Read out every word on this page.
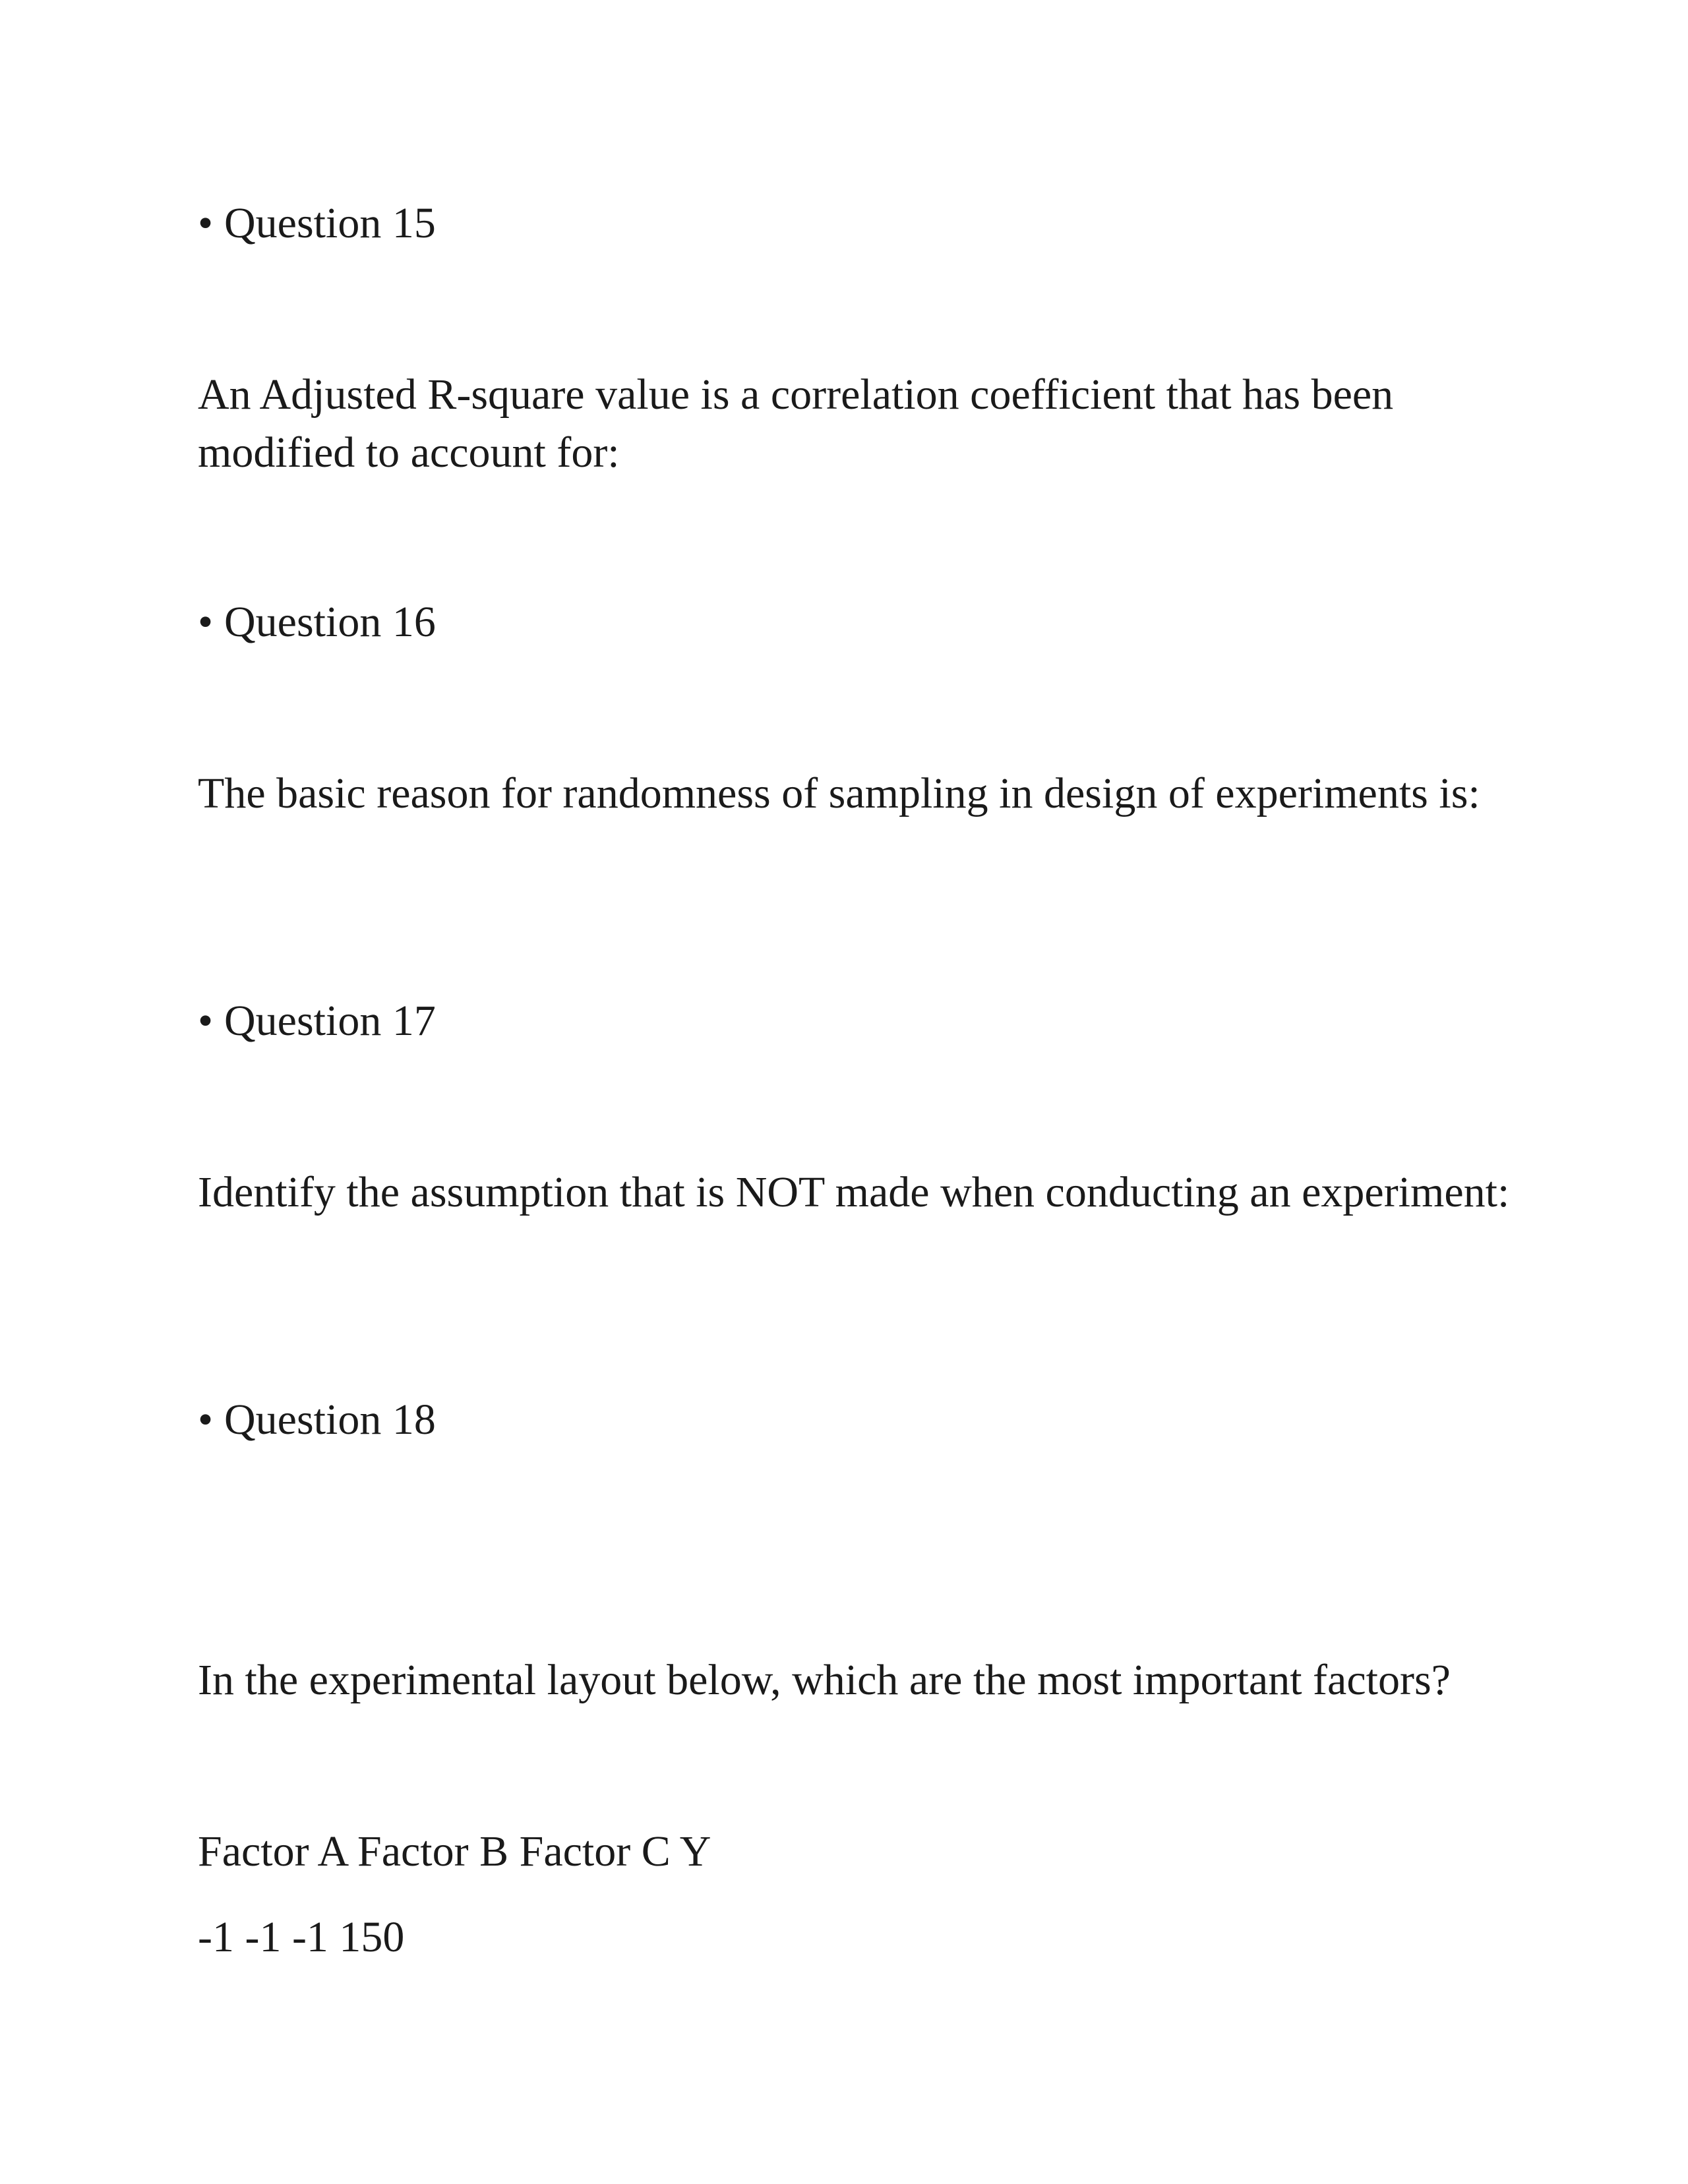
• Question 15
An Adjusted R-square value is a correlation coefficient that has been modified to account for:
• Question 16
The basic reason for randomness of sampling in design of experiments is:
• Question 17
Identify the assumption that is NOT made when conducting an experiment:
• Question 18
In the experimental layout below, which are the most important factors?
Factor A Factor B Factor C Y
-1 -1 -1 150
